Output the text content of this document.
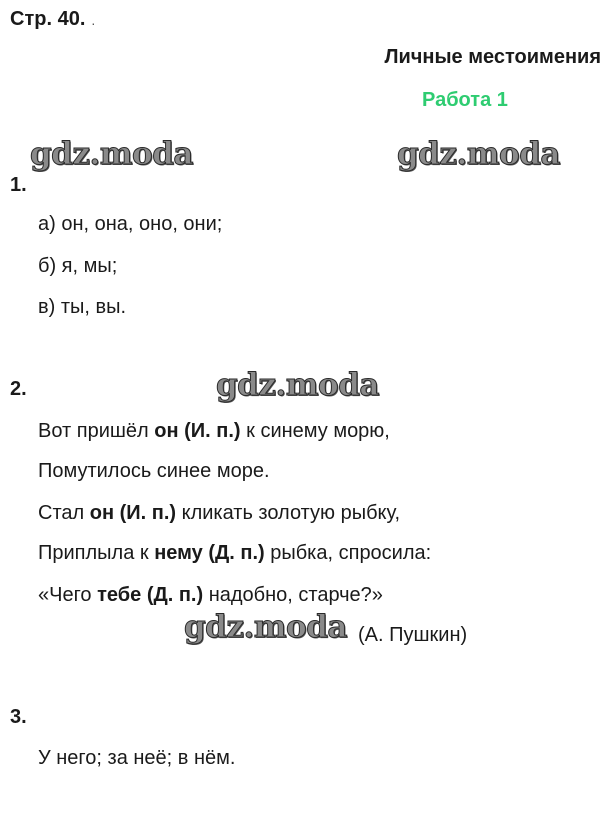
Стр. 40. .
Личные местоимения
Работа 1
gdz.moda	gdz.moda
1.
а) он, она, оно, они;
б) я, мы;
в) ты, вы.
2.	gdz.moda
Вот пришёл он (И. п.) к синему морю,
Помутилось синее море.
Стал он (И. п.) кликать золотую рыбку,
Приплыла к нему (Д. п.) рыбка, спросила:
«Чего тебе (Д. п.) надобно, старче?»
gdz.moda (А. Пушкин)
3.
У него; за неё; в нём.
